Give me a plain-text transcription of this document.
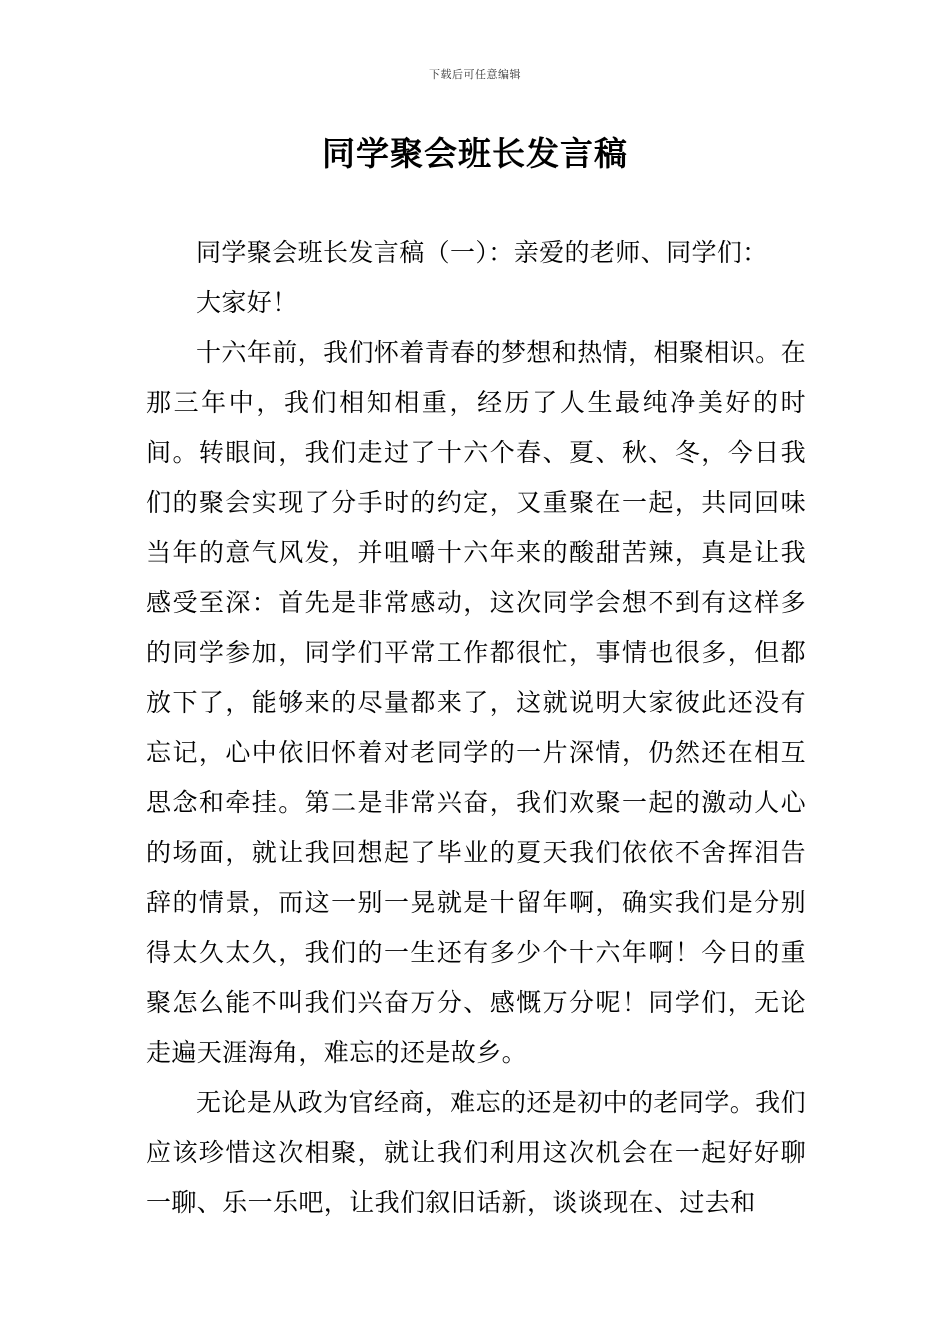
下载后可任意编辑
同学聚会班长发言稿

同学聚会班长发言稿（一）：亲爱的老师、同学们：

大家好！

十六年前，我们怀着青春的梦想和热情，相聚相识。在那三年中，我们相知相重，经历了人生最纯净美好的时间。转眼间，我们走过了十六个春、夏、秋、冬，今日我们的聚会实现了分手时的约定，又重聚在一起，共同回味当年的意气风发，并咀嚼十六年来的酸甜苦辣，真是让我感受至深：首先是非常感动，这次同学会想不到有这样多的同学参加，同学们平常工作都很忙，事情也很多，但都放下了，能够来的尽量都来了，这就说明大家彼此还没有忘记，心中依旧怀着对老同学的一片深情，仍然还在相互思念和牵挂。第二是非常兴奋，我们欢聚一起的激动人心的场面，就让我回想起了毕业的夏天我们依依不舍挥泪告辞的情景，而这一别一晃就是十留年啊，确实我们是分别得太久太久，我们的一生还有多少个十六年啊！今日的重聚怎么能不叫我们兴奋万分、感慨万分呢！同学们，无论走遍天涯海角，难忘的还是故乡。

无论是从政为官经商，难忘的还是初中的老同学。我们应该珍惜这次相聚，就让我们利用这次机会在一起好好聊一聊、乐一乐吧，让我们叙旧话新，谈谈现在、过去和
